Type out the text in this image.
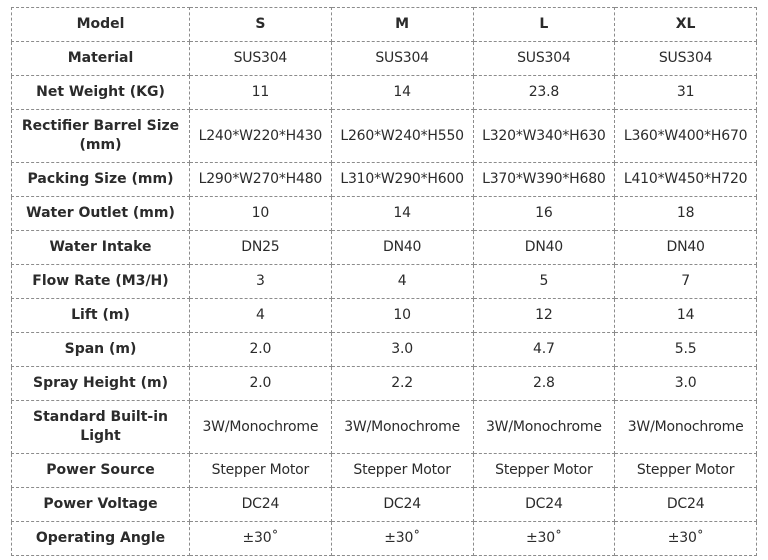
Model	S	M	L	XL
Material	SUS304	SUS304	SUS304	SUS304
Net Weight (KG)	11	14	23.8	31
Rectifier Barrel Size (mm)	L240*W220*H430	L260*W240*H550	L320*W340*H630	L360*W400*H670
Packing Size (mm)	L290*W270*H480	L310*W290*H600	L370*W390*H680	L410*W450*H720
Water Outlet (mm)	10	14	16	18
Water Intake	DN25	DN40	DN40	DN40
Flow Rate (M3/H)	3	4	5	7
Lift (m)	4	10	12	14
Span (m)	2.0	3.0	4.7	5.5
Spray Height (m)	2.0	2.2	2.8	3.0
Standard Built-in Light	3W/Monochrome	3W/Monochrome	3W/Monochrome	3W/Monochrome
Power Source	Stepper Motor	Stepper Motor	Stepper Motor	Stepper Motor
Power Voltage	DC24	DC24	DC24	DC24
Operating Angle	±30˚	±30˚	±30˚	±30˚
